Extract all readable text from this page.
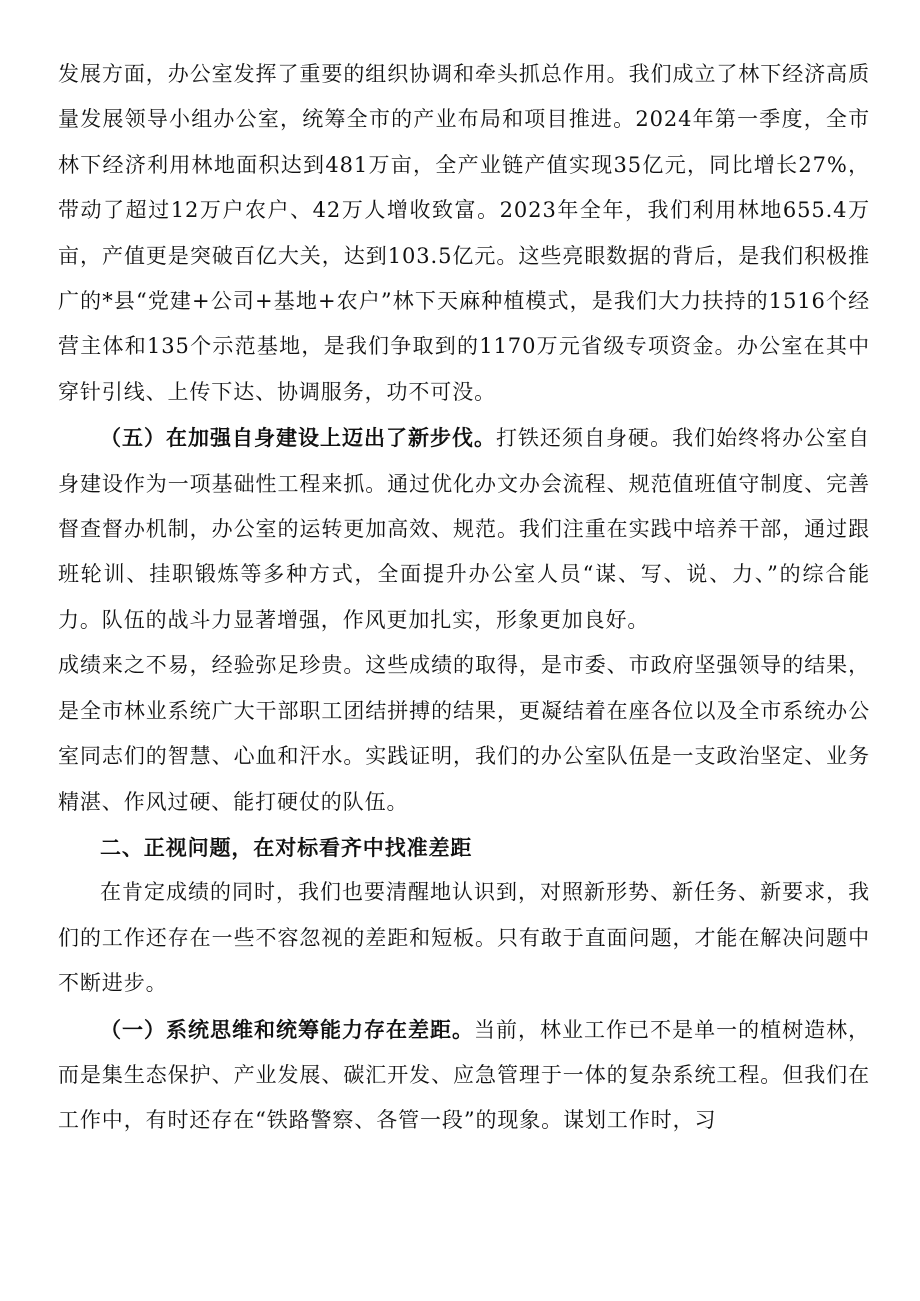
发展方面，办公室发挥了重要的组织协调和牵头抓总作用。我们成立了林下经济高质量发展领导小组办公室，统筹全市的产业布局和项目推进。2024年第一季度，全市林下经济利用林地面积达到481万亩，全产业链产值实现35亿元，同比增长27%，带动了超过12万户农户、42万人增收致富。2023年全年，我们利用林地655.4万亩，产值更是突破百亿大关，达到103.5亿元。这些亮眼数据的背后，是我们积极推广的*县“党建+公司+基地+农户”林下天麻种植模式，是我们大力扶持的1516个经营主体和135个示范基地，是我们争取到的1170万元省级专项资金。办公室在其中穿针引线、上传下达、协调服务，功不可没。

（五）在加强自身建设上迈出了新步伐。打铁还须自身硬。我们始终将办公室自身建设作为一项基础性工程来抓。通过优化办文办会流程、规范值班值守制度、完善督查督办机制，办公室的运转更加高效、规范。我们注重在实践中培养干部，通过跟班轮训、挂职锻炼等多种方式，全面提升办公室人员“谋、写、说、力、”的综合能力。队伍的战斗力显著增强，作风更加扎实，形象更加良好。

成绩来之不易，经验弥足珍贵。这些成绩的取得，是市委、市政府坚强领导的结果，是全市林业系统广大干部职工团结拼搏的结果，更凝结着在座各位以及全市系统办公室同志们的智慧、心血和汗水。实践证明，我们的办公室队伍是一支政治坚定、业务精湛、作风过硬、能打硬仗的队伍。

二、正视问题，在对标看齐中找准差距

在肯定成绩的同时，我们也要清醒地认识到，对照新形势、新任务、新要求，我们的工作还存在一些不容忽视的差距和短板。只有敢于直面问题，才能在解决问题中不断进步。

（一）系统思维和统筹能力存在差距。当前，林业工作已不是单一的植树造林，而是集生态保护、产业发展、碳汇开发、应急管理于一体的复杂系统工程。但我们在工作中，有时还存在“铁路警察、各管一段”的现象。谋划工作时，习
